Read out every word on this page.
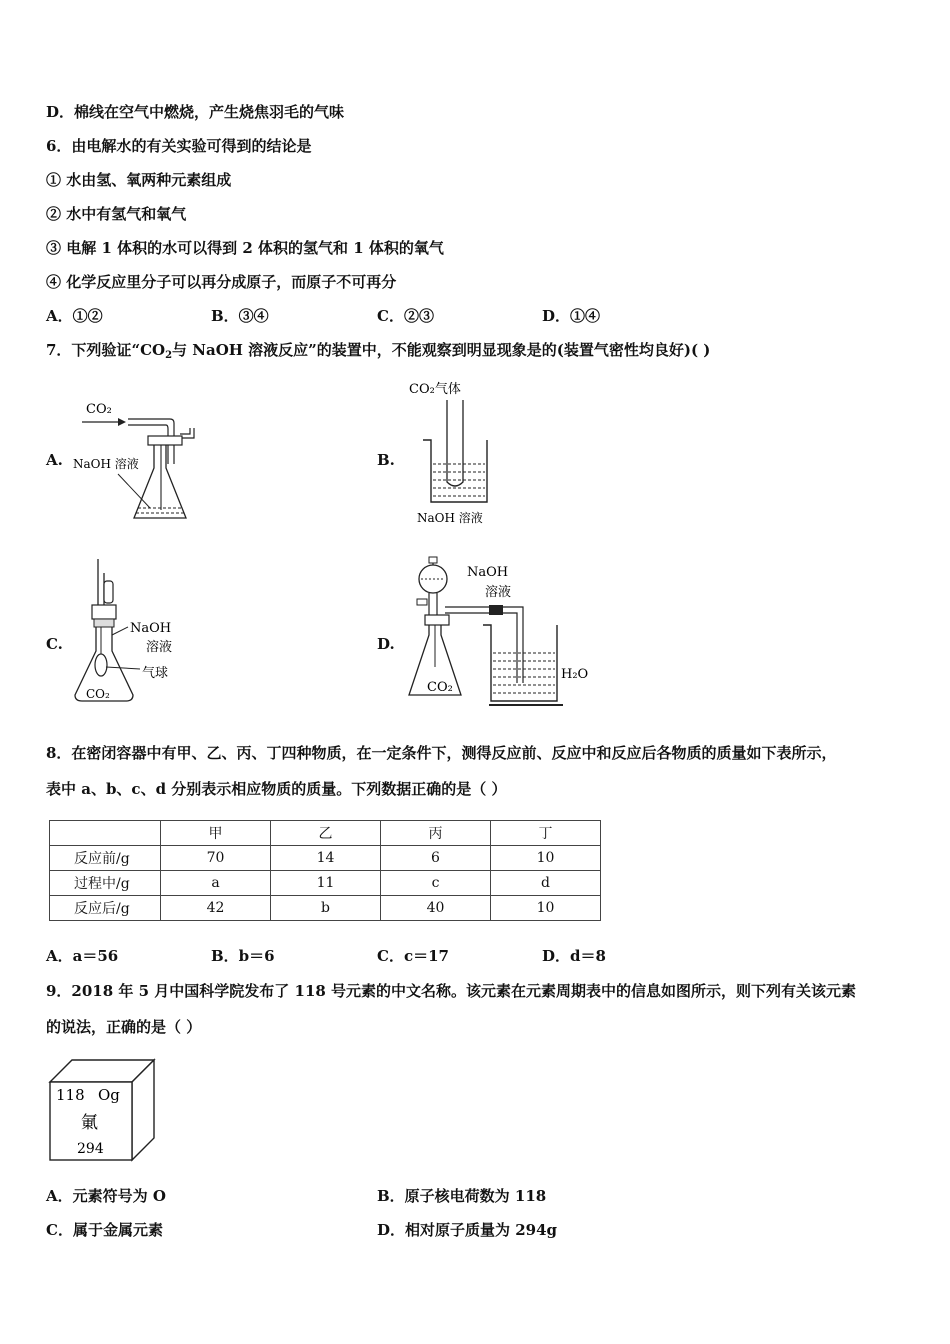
D．棉线在空气中燃烧，产生烧焦羽毛的气味
6．由电解水的有关实验可得到的结论是
① 水由氢、氧两种元素组成
② 水中有氢气和氧气
③ 电解 1 体积的水可以得到 2 体积的氢气和 1 体积的氧气
④ 化学反应里分子可以再分成原子，而原子不可再分
A．①②	B．③④	C．②③	D．①④
7．下列验证“$CO_2$与 NaOH 溶液反应”的装置中，不能观察到明显现象是的(装置气密性均良好)( )
A.	B.
C.	D.
CO₂
NaOH 溶液
CO₂气体
NaOH 溶液
NaOH
溶液
气球
CO₂	CO₂
NaOH
溶液
H₂O
8．在密闭容器中有甲、乙、丙、丁四种物质，在一定条件下，测得反应前、反应中和反应后各物质的质量如下表所示，
表中 a、b、c、d 分别表示相应物质的质量。下列数据正确的是（ ）
	甲	乙	丙	丁
反应前/g	70	14	6	10
过程中/g	a	11	c	d
反应后/g	42	b	40	10
A．a＝56	B．b＝6	C．c＝17	D．d＝8
9．2018 年 5 月中国科学院发布了 118 号元素的中文名称。该元素在元素周期表中的信息如图所示，则下列有关该元素
的说法，正确的是（ ）
118 Og
氭
294
A．元素符号为 O	B．原子核电荷数为 118
C．属于金属元素	D．相对原子质量为 294g
